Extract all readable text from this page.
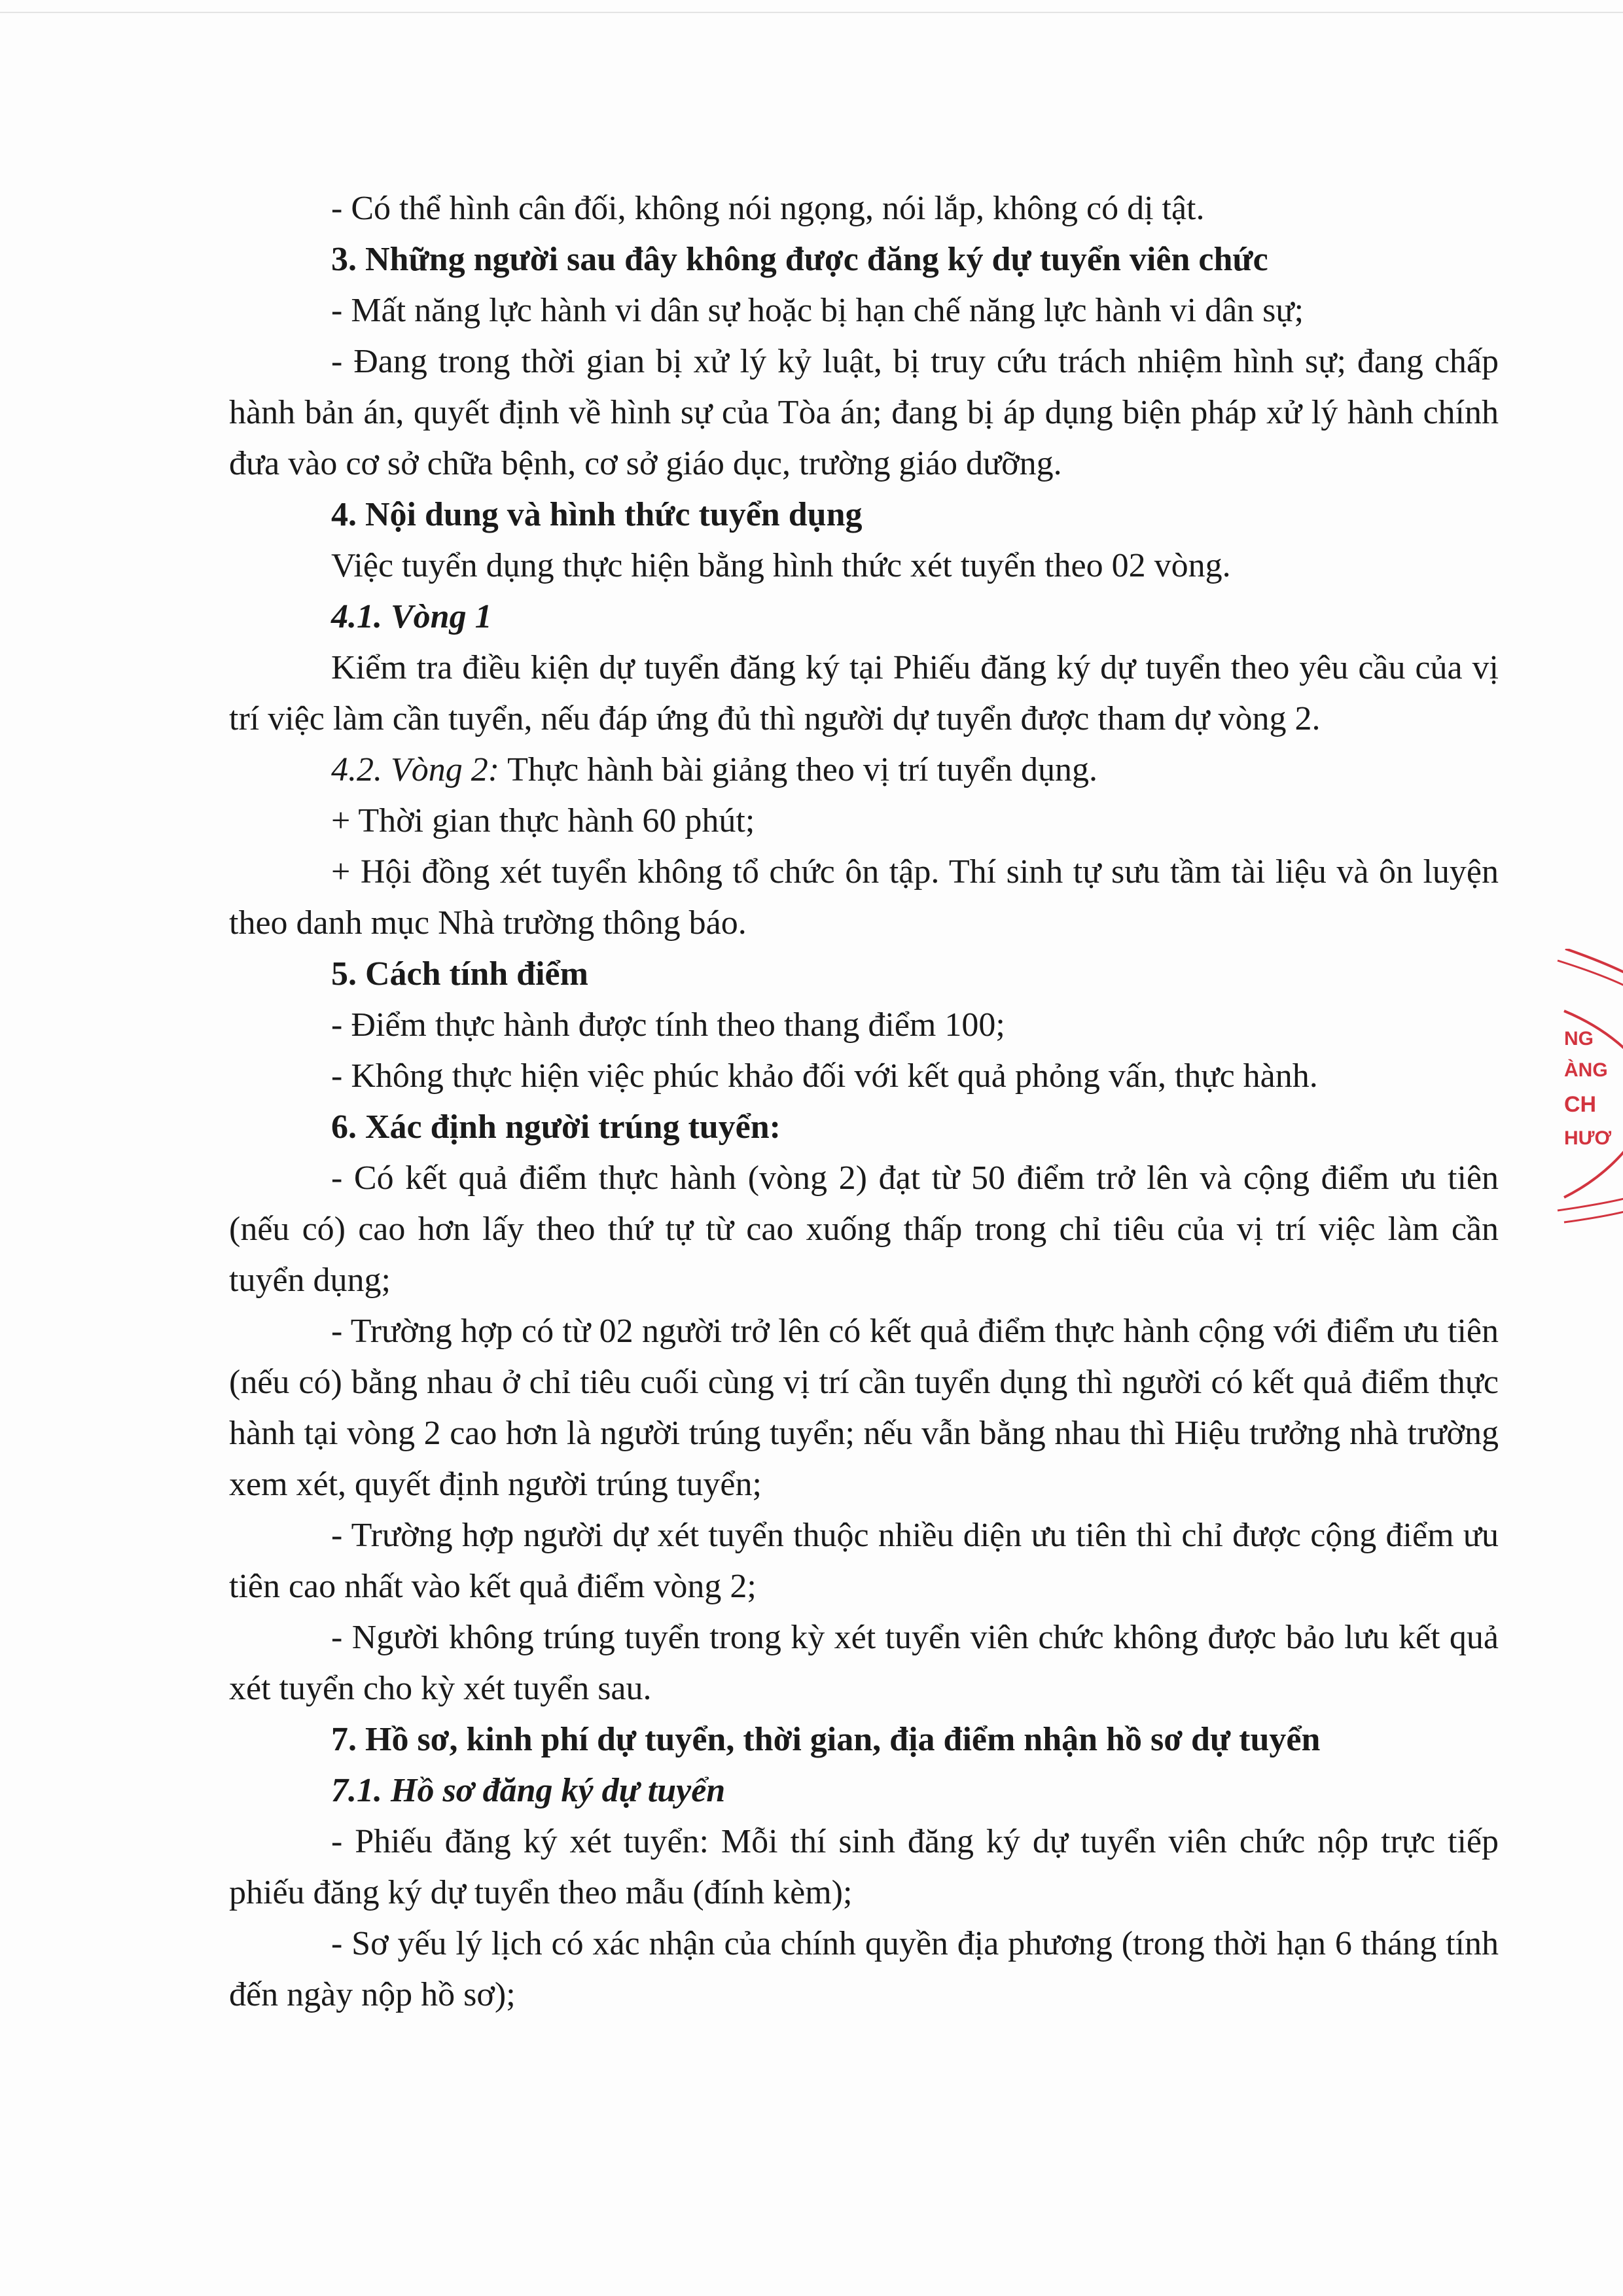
- Có thể hình cân đối, không nói ngọng, nói lắp, không có dị tật.

3. Những người sau đây không được đăng ký dự tuyển viên chức

- Mất năng lực hành vi dân sự hoặc bị hạn chế năng lực hành vi dân sự;

- Đang trong thời gian bị xử lý kỷ luật, bị truy cứu trách nhiệm hình sự; đang chấp hành bản án, quyết định về hình sự của Tòa án; đang bị áp dụng biện pháp xử lý hành chính đưa vào cơ sở chữa bệnh, cơ sở giáo dục, trường giáo dưỡng.

4. Nội dung và hình thức tuyển dụng

Việc tuyển dụng thực hiện bằng hình thức xét tuyển theo 02 vòng.

4.1. Vòng 1

Kiểm tra điều kiện dự tuyển đăng ký tại Phiếu đăng ký dự tuyển theo yêu cầu của vị trí việc làm cần tuyển, nếu đáp ứng đủ thì người dự tuyển được tham dự vòng 2.

4.2. Vòng 2: Thực hành bài giảng theo vị trí tuyển dụng.

+ Thời gian thực hành 60 phút;

+ Hội đồng xét tuyển không tổ chức ôn tập. Thí sinh tự sưu tầm tài liệu và ôn luyện theo danh mục Nhà trường thông báo.

5. Cách tính điểm

- Điểm thực hành được tính theo thang điểm 100;

- Không thực hiện việc phúc khảo đối với kết quả phỏng vấn, thực hành.

6. Xác định người trúng tuyển:

- Có kết quả điểm thực hành (vòng 2) đạt từ 50 điểm trở lên và cộng điểm ưu tiên (nếu có) cao hơn lấy theo thứ tự từ cao xuống thấp trong chỉ tiêu của vị trí việc làm cần tuyển dụng;

- Trường hợp có từ 02 người trở lên có kết quả điểm thực hành cộng với điểm ưu tiên (nếu có) bằng nhau ở chỉ tiêu cuối cùng vị trí cần tuyển dụng thì người có kết quả điểm thực hành tại vòng 2 cao hơn là người trúng tuyển; nếu vẫn bằng nhau thì Hiệu trưởng nhà trường xem xét, quyết định người trúng tuyển;

- Trường hợp người dự xét tuyển thuộc nhiều diện ưu tiên thì chỉ được cộng điểm ưu tiên cao nhất vào kết quả điểm vòng 2;

- Người không trúng tuyển trong kỳ xét tuyển viên chức không được bảo lưu kết quả xét tuyển cho kỳ xét tuyển sau.

7. Hồ sơ, kinh phí dự tuyển, thời gian, địa điểm nhận hồ sơ dự tuyển

7.1. Hồ sơ đăng ký dự tuyển

- Phiếu đăng ký xét tuyển: Mỗi thí sinh đăng ký dự tuyển viên chức nộp trực tiếp phiếu đăng ký dự tuyển theo mẫu (đính kèm);

- Sơ yếu lý lịch có xác nhận của chính quyền địa phương (trong thời hạn 6 tháng tính đến ngày nộp hồ sơ);

NG
ÀNG
CH
HƯƠ
